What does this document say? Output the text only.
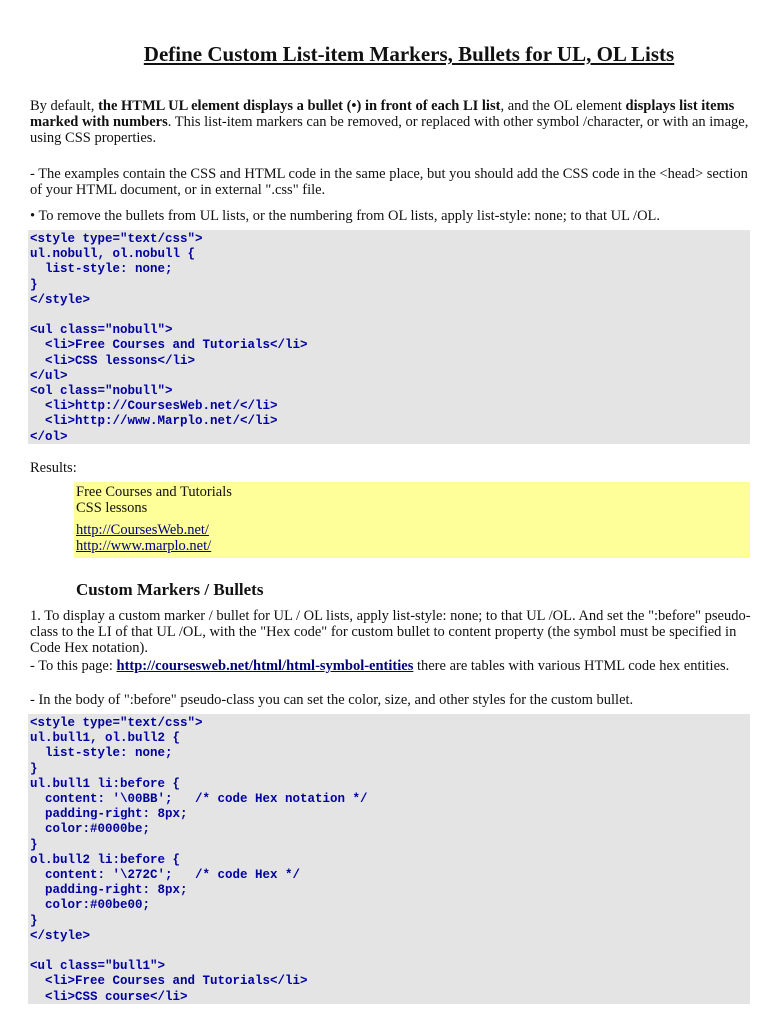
Define Custom List-item Markers, Bullets for UL, OL Lists

By default, the HTML UL element displays a bullet (•) in front of each LI list, and the OL element displays list items marked with numbers. This list-item markers can be removed, or replaced with other symbol /character, or with an image, using CSS properties.

- The examples contain the CSS and HTML code in the same place, but you should add the CSS code in the <head> section of your HTML document, or in external ".css" file.

• To remove the bullets from UL lists, or the numbering from OL lists, apply list-style: none; to that UL /OL.

<style type="text/css">
ul.nobull, ol.nobull {
list-style: none;
}
</style>

<ul class="nobull">
<li>Free Courses and Tutorials</li>
<li>CSS lessons</li>
</ul>
<ol class="nobull">
<li>http://CoursesWeb.net/</li>
<li>http://www.Marplo.net/</li>
</ol>

Results:

Free Courses and Tutorials
CSS lessons
http://CoursesWeb.net/
http://www.marplo.net/
Custom Markers / Bullets

1. To display a custom marker / bullet for UL / OL lists, apply list-style: none; to that UL /OL. And set the ":before" pseudo-class to the LI of that UL /OL, with the "Hex code" for custom bullet to content property (the symbol must be specified in Code Hex notation).

- To this page: http://coursesweb.net/html/html-symbol-entities there are tables with various HTML code hex entities.

- In the body of ":before" pseudo-class you can set the color, size, and other styles for the custom bullet.

<style type="text/css">
ul.bull1, ol.bull2 {
list-style: none;
}
ul.bull1 li:before {
content: '\00BB';   /* code Hex notation */
padding-right: 8px;
color:#0000be;
}
ol.bull2 li:before {
content: '\272C';   /* code Hex */
padding-right: 8px;
color:#00be00;
}
</style>

<ul class="bull1">
<li>Free Courses and Tutorials</li>
<li>CSS course</li>
